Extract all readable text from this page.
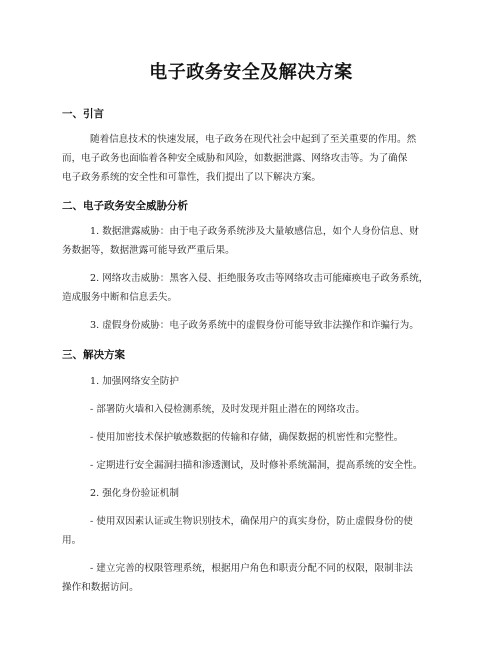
电子政务安全及解决方案
一、引言
随着信息技术的快速发展，电子政务在现代社会中起到了至关重要的作用。然
而，电子政务也面临着各种安全威胁和风险，如数据泄露、网络攻击等。为了确保
电子政务系统的安全性和可靠性，我们提出了以下解决方案。
二、电子政务安全威胁分析
1. 数据泄露威胁：由于电子政务系统涉及大量敏感信息，如个人身份信息、财
务数据等，数据泄露可能导致严重后果。
2. 网络攻击威胁：黑客入侵、拒绝服务攻击等网络攻击可能瘫痪电子政务系统，
造成服务中断和信息丢失。
3. 虚假身份威胁：电子政务系统中的虚假身份可能导致非法操作和诈骗行为。
三、解决方案
1. 加强网络安全防护
- 部署防火墙和入侵检测系统，及时发现并阻止潜在的网络攻击。
- 使用加密技术保护敏感数据的传输和存储，确保数据的机密性和完整性。
- 定期进行安全漏洞扫描和渗透测试，及时修补系统漏洞，提高系统的安全性。
2. 强化身份验证机制
- 使用双因素认证或生物识别技术，确保用户的真实身份，防止虚假身份的使
用。
- 建立完善的权限管理系统，根据用户角色和职责分配不同的权限，限制非法
操作和数据访问。
